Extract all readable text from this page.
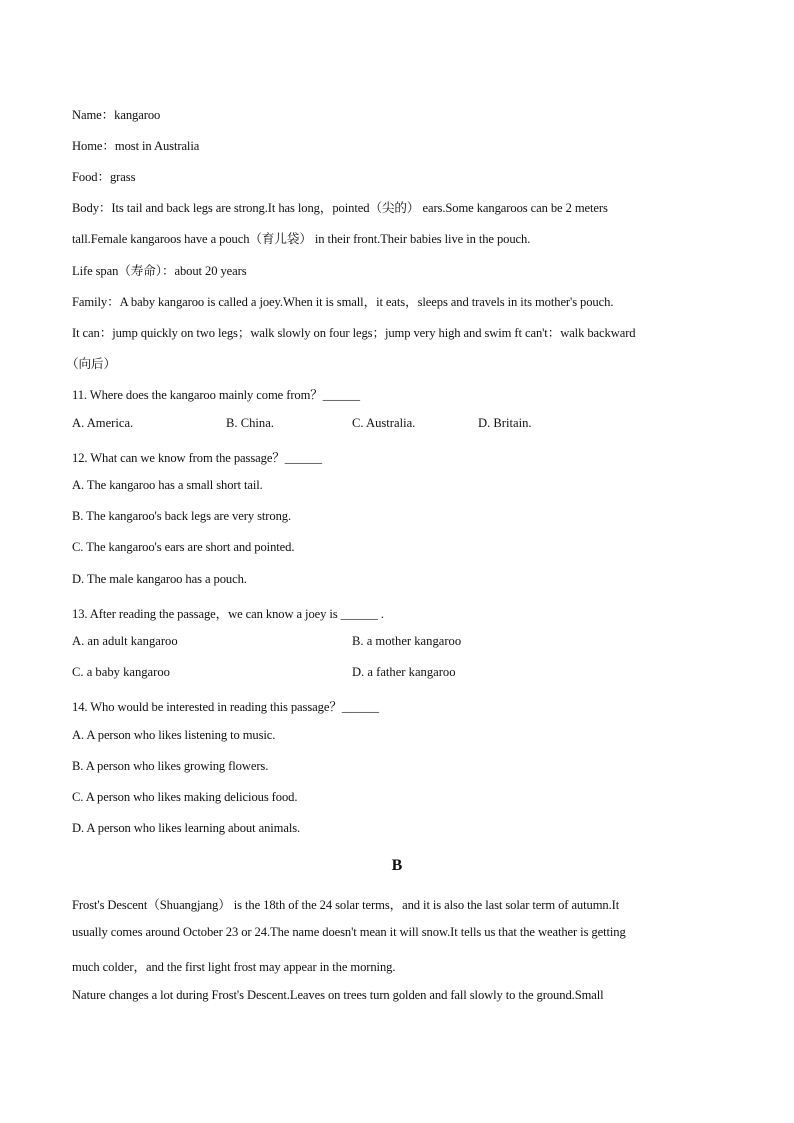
Name：kangaroo
Home：most in Australia
Food：grass
Body：Its tail and back legs are strong.It has long，pointed（尖的） ears.Some kangaroos can be 2 meters
tall.Female kangaroos have a pouch（育儿袋） in their front.Their babies live in the pouch.
Life span（寿命）：about 20 years
Family：A baby kangaroo is called a joey.When it is small，it eats，sleeps and travels in its mother's pouch.
It can：jump quickly on two legs；walk slowly on four legs；jump very high and swim ft can't：walk backward
（向后）
11. Where does the kangaroo mainly come from？______
A. America.	B. China.	C. Australia.	D. Britain.
12. What can we know from the passage？______
A. The kangaroo has a small short tail.
B. The kangaroo's back legs are very strong.
C. The kangaroo's ears are short and pointed.
D. The male kangaroo has a pouch.
13. After reading the passage，we can know a joey is ______ .
A. an adult kangaroo	B. a mother kangaroo
C. a baby kangaroo	D. a father kangaroo
14. Who would be interested in reading this passage？______
A. A person who likes listening to music.
B. A person who likes growing flowers.
C. A person who likes making delicious food.
D. A person who likes learning about animals.
B
Frost's Descent（Shuangjang） is the 18th of the 24 solar terms，and it is also the last solar term of autumn.It
usually comes around October 23 or 24.The name doesn't mean it will snow.It tells us that the weather is getting
much colder，and the first light frost may appear in the morning.
Nature changes a lot during Frost's Descent.Leaves on trees turn golden and fall slowly to the ground.Small
